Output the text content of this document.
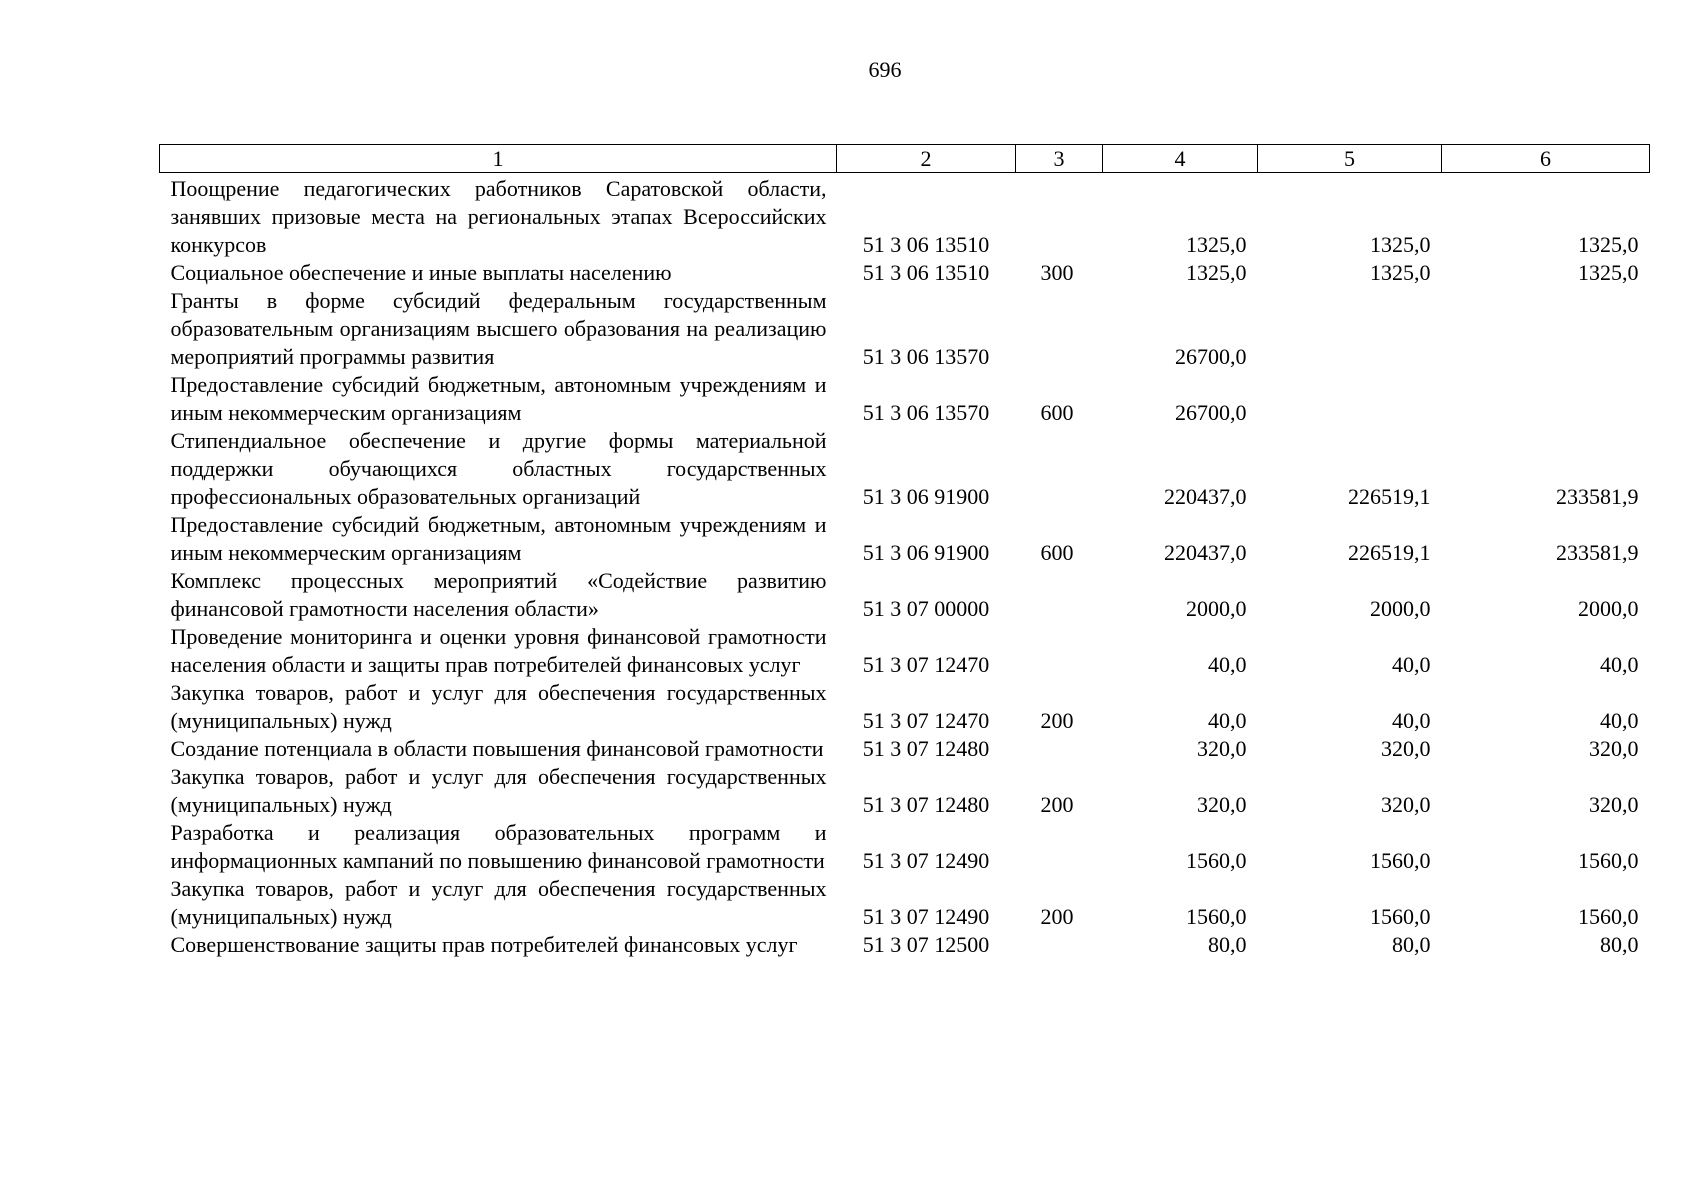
696
1	2	3	4	5	6
Поощрение педагогических работников Саратовской области, занявших призовые места на региональных этапах Всероссийских конкурсов	51 3 06 13510		1325,0	1325,0	1325,0
Социальное обеспечение и иные выплаты населению	51 3 06 13510	300	1325,0	1325,0	1325,0
Гранты в форме субсидий федеральным государственным образовательным организациям высшего образования на реализацию мероприятий программы развития	51 3 06 13570		26700,0		
Предоставление субсидий бюджетным, автономным учреждениям и иным некоммерческим организациям	51 3 06 13570	600	26700,0		
Стипендиальное обеспечение и другие формы материальной поддержки обучающихся областных государственных профессиональных образовательных организаций	51 3 06 91900		220437,0	226519,1	233581,9
Предоставление субсидий бюджетным, автономным учреждениям и иным некоммерческим организациям	51 3 06 91900	600	220437,0	226519,1	233581,9
Комплекс процессных мероприятий «Содействие развитию финансовой грамотности населения области»	51 3 07 00000		2000,0	2000,0	2000,0
Проведение мониторинга и оценки уровня финансовой грамотности населения области и защиты прав потребителей финансовых услуг	51 3 07 12470		40,0	40,0	40,0
Закупка товаров, работ и услуг для обеспечения государственных (муниципальных) нужд	51 3 07 12470	200	40,0	40,0	40,0
Создание потенциала в области повышения финансовой грамотности	51 3 07 12480		320,0	320,0	320,0
Закупка товаров, работ и услуг для обеспечения государственных (муниципальных) нужд	51 3 07 12480	200	320,0	320,0	320,0
Разработка и реализация образовательных программ и информационных кампаний по повышению финансовой грамотности	51 3 07 12490		1560,0	1560,0	1560,0
Закупка товаров, работ и услуг для обеспечения государственных (муниципальных) нужд	51 3 07 12490	200	1560,0	1560,0	1560,0
Совершенствование защиты прав потребителей финансовых услуг	51 3 07 12500		80,0	80,0	80,0
